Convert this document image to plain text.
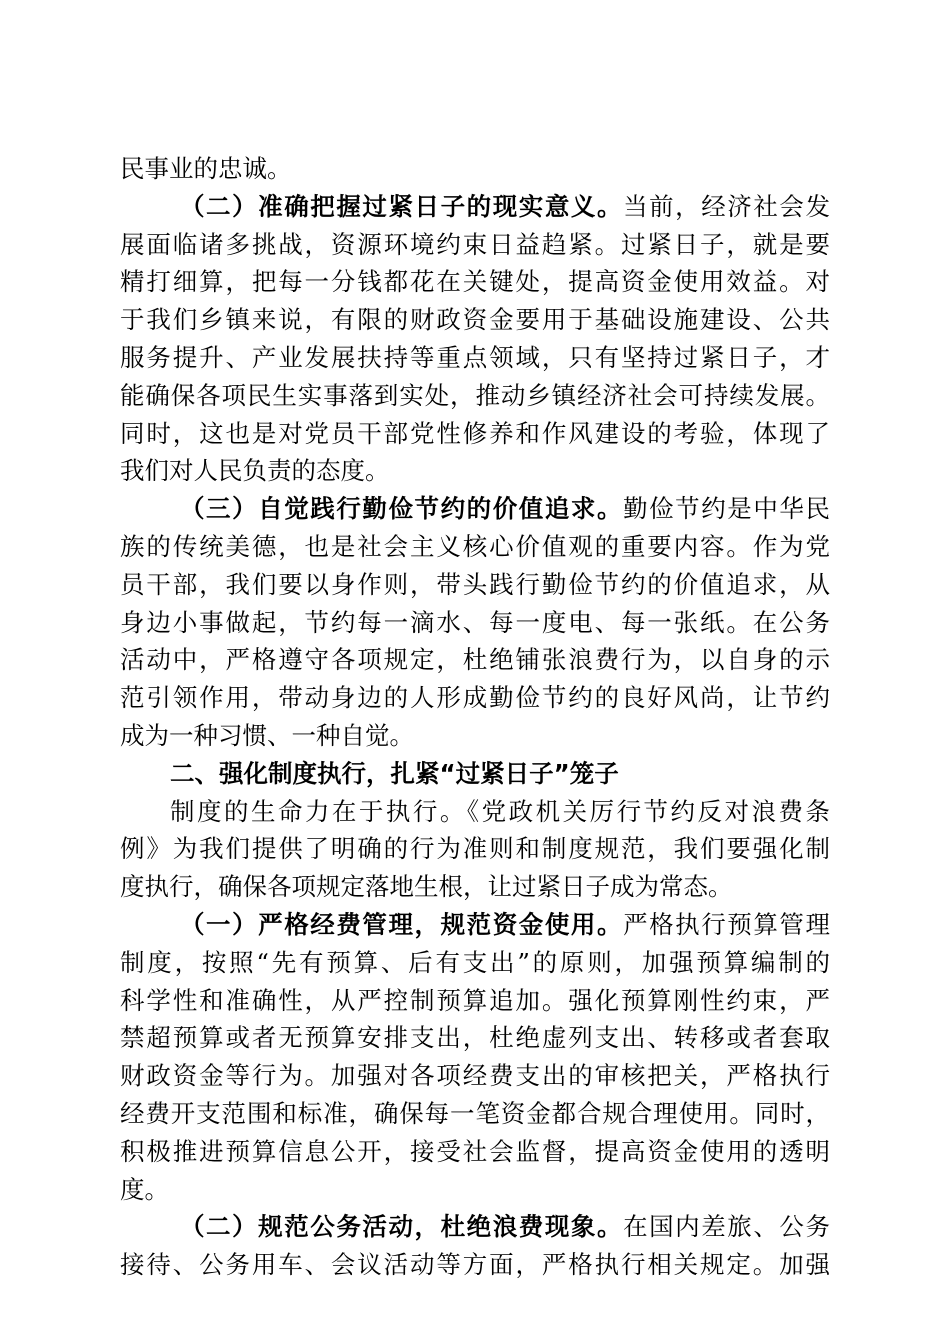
民事业的忠诚。
（二）准确把握过紧日子的现实意义。当前，经济社会发
展面临诸多挑战，资源环境约束日益趋紧。过紧日子，就是要
精打细算，把每一分钱都花在关键处，提高资金使用效益。对
于我们乡镇来说，有限的财政资金要用于基础设施建设、公共
服务提升、产业发展扶持等重点领域，只有坚持过紧日子，才
能确保各项民生实事落到实处，推动乡镇经济社会可持续发展。
同时，这也是对党员干部党性修养和作风建设的考验，体现了
我们对人民负责的态度。
（三）自觉践行勤俭节约的价值追求。勤俭节约是中华民
族的传统美德，也是社会主义核心价值观的重要内容。作为党
员干部，我们要以身作则，带头践行勤俭节约的价值追求，从
身边小事做起，节约每一滴水、每一度电、每一张纸。在公务
活动中，严格遵守各项规定，杜绝铺张浪费行为，以自身的示
范引领作用，带动身边的人形成勤俭节约的良好风尚，让节约
成为一种习惯、一种自觉。
二、强化制度执行，扎紧“过紧日子”笼子
制度的生命力在于执行。《党政机关厉行节约反对浪费条
例》为我们提供了明确的行为准则和制度规范，我们要强化制
度执行，确保各项规定落地生根，让过紧日子成为常态。
（一）严格经费管理，规范资金使用。严格执行预算管理
制度，按照“先有预算、后有支出”的原则，加强预算编制的
科学性和准确性，从严控制预算追加。强化预算刚性约束，严
禁超预算或者无预算安排支出，杜绝虚列支出、转移或者套取
财政资金等行为。加强对各项经费支出的审核把关，严格执行
经费开支范围和标准，确保每一笔资金都合规合理使用。同时，
积极推进预算信息公开，接受社会监督，提高资金使用的透明
度。
（二）规范公务活动，杜绝浪费现象。在国内差旅、公务
接待、公务用车、会议活动等方面，严格执行相关规定。加强
